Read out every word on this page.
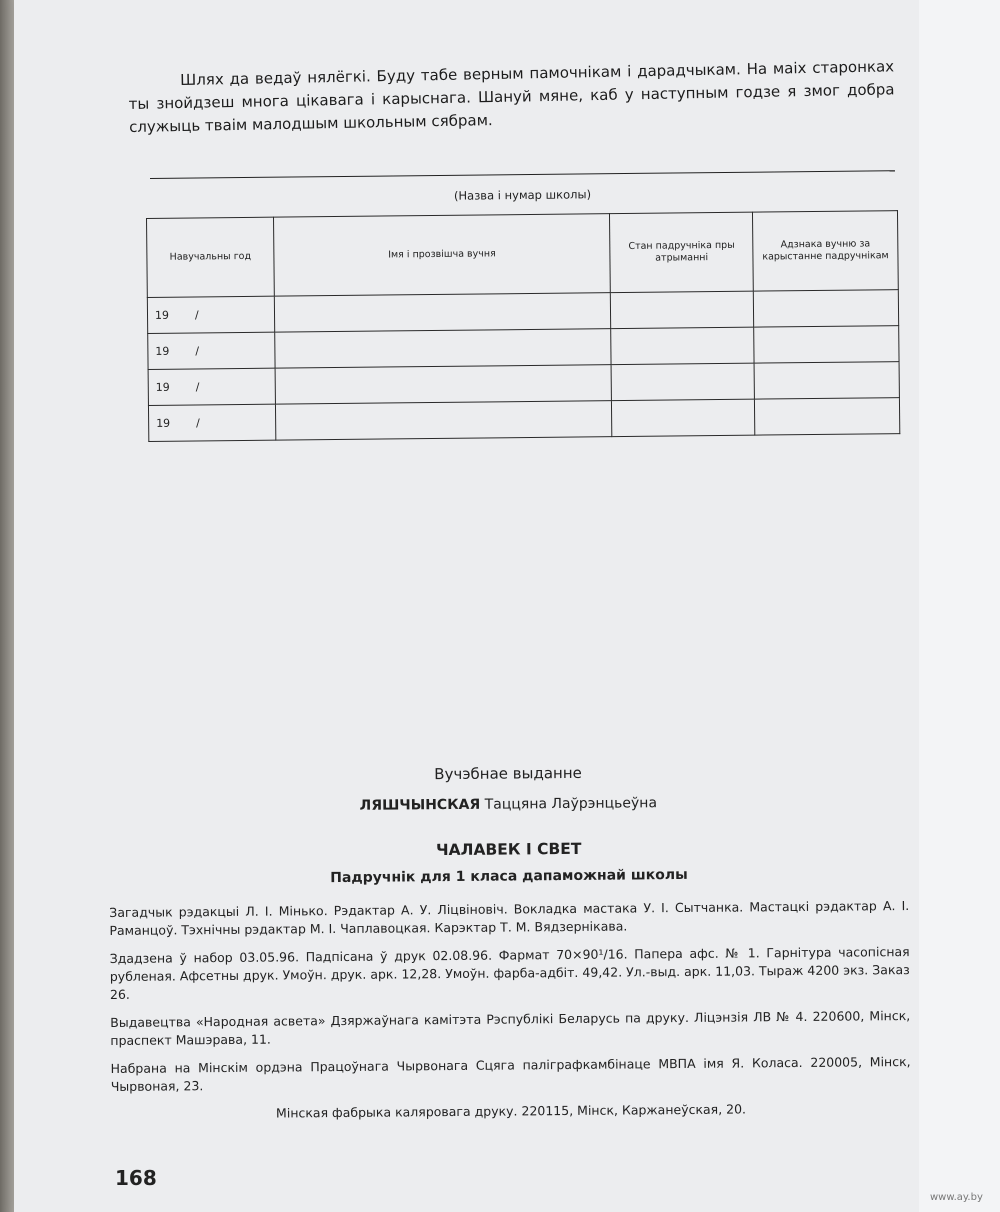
Шлях да ведаў нялёгкі. Буду табе верным памочнікам і дарадчыкам. На маіх старонках ты знойдзеш многа цікавага і карыснага. Шануй мяне, каб у наступным годзе я змог добра служыць тваім малодшым школьным сябрам.

(Назва і нумар школы)
Навучальны год	Імя і прозвішча вучня	Стан падручніка пры атрыманні	Адзнака вучню за карыстанне падручнікам
19 /			
19 /			
19 /			
19 /			
Вучэбнае выданне
ЛЯШЧЫНСКАЯ Таццяна Лаўрэнцьеўна
ЧАЛАВЕК І СВЕТ
Падручнік для 1 класа дапаможнай школы
Загадчык рэдакцыі Л. І. Мінько. Рэдактар А. У. Ліцвіновіч. Вокладка мастака У. І. Сытчанка. Мастацкі рэдактар А. І. Раманцоў. Тэхнічны рэдактар М. І. Чаплавоцкая. Карэктар Т. М. Вядзернікава.
Здадзена ў набор 03.05.96. Падпісана ў друк 02.08.96. Фармат 70×90¹/16. Папера афс. № 1. Гарнітура часопісная рубленая. Афсетны друк. Умоўн. друк. арк. 12,28. Умоўн. фарба-адбіт. 49,42. Ул.-выд. арк. 11,03. Тыраж 4200 экз. Заказ 26.
Выдавецтва «Народная асвета» Дзяржаўнага камітэта Рэспублікі Беларусь па друку. Ліцэнзія ЛВ № 4. 220600, Мінск, праспект Машэрава, 11.
Набрана на Мінскім ордэна Працоўнага Чырвонага Сцяга паліграфкамбінаце МВПА імя Я. Коласа. 220005, Мінск, Чырвоная, 23.
Мінская фабрыка каляровага друку. 220115, Мінск, Каржанеўская, 20.
168
www.ay.by
